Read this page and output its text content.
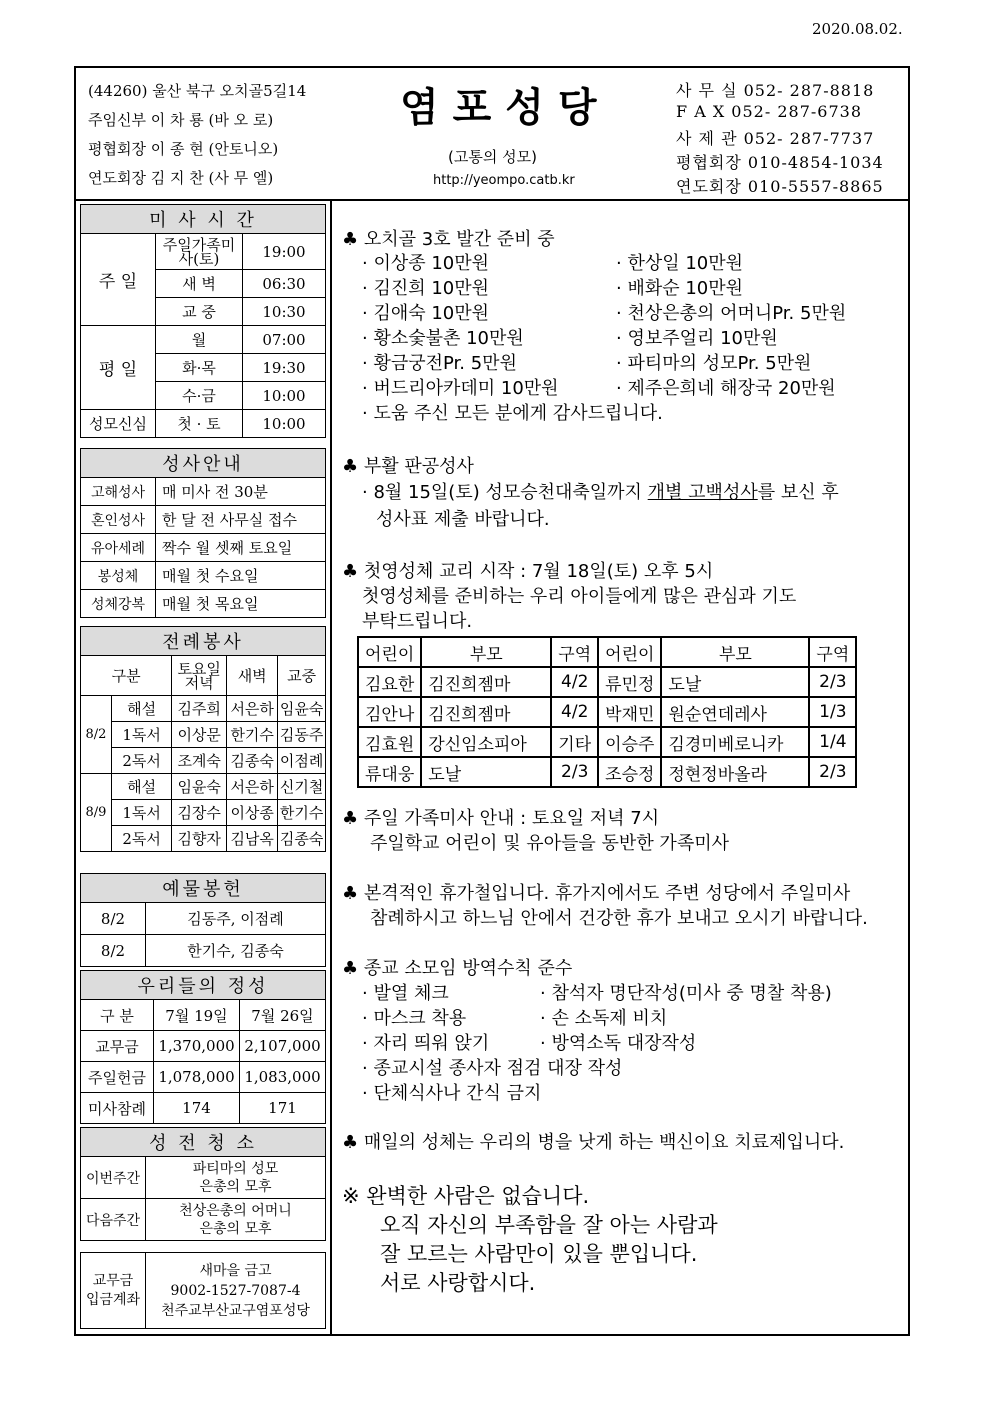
2020.08.02.
(44260) 울산 북구 오치골5길14
주임신부 이 차 룡 (바 오 로)
평협회장 이 종 현 (안토니오)
연도회장 김 지 찬 (사 무 엘)
염포성당
(고통의 성모)
http://yeompo.catb.kr
사 무 실 052- 287-8818
F A X 052- 287-6738
사 제 관 052- 287-7737
평협회장 010-4854-1034
연도회장 010-5557-8865
미 사 시 간		
주 일	주일가족미사(토)	19:00
	새 벽	06:30
	교 중	10:30
평 일	월	07:00
	화·목	19:30
	수·금	10:00
성모신심	첫 · 토	10:00
성사안내	
고해성사	매 미사 전 30분
혼인성사	한 달 전 사무실 접수
유아세례	짝수 월 셋째 토요일
봉성체	매월 첫 수요일
성체강복	매월 첫 목요일
전례봉사				
구분		토요일 저녁	새벽	교중
8/2	해설	김주희	서은하	임윤숙
	1독서	이상문	한기수	김동주
	2독서	조계숙	김종숙	이점례
8/9	해설	임윤숙	서은하	신기철
	1독서	김장수	이상종	한기수
	2독서	김향자	김남옥	김종숙
예물봉헌	
8/2	김동주, 이점례
8/2	한기수, 김종숙
우리들의 정성		
구 분	7월 19일	7월 26일
교무금	1,370,000	2,107,000
주일헌금	1,078,000	1,083,000
미사참례	174	171
성 전 청 소	
이번주간	파티마의 성모
은총의 모후

다음주간	천상은총의 어머니
은총의 모후
교무금
입금계좌

새마을 금고
9002-1527-7087-4
천주교부산교구염포성당
♣ 오치골 3호 발간 준비 중
· 이상종 10만원
· 김진희 10만원
· 김애숙 10만원
· 황소숯불촌 10만원
· 황금궁전Pr. 5만원
· 버드리아카데미 10만원
· 한상일 10만원
· 배화순 10만원
· 천상은총의 어머니Pr. 5만원
· 영보주얼리 10만원
· 파티마의 성모Pr. 5만원
· 제주은희네 해장국 20만원
· 도움 주신 모든 분에게 감사드립니다.
♣ 부활 판공성사
· 8월 15일(토) 성모승천대축일까지 개별 고백성사를 보신 후
성사표 제출 바랍니다.
♣ 첫영성체 교리 시작 : 7월 18일(토) 오후 5시
첫영성체를 준비하는 우리 아이들에게 많은 관심과 기도
부탁드립니다.
어린이	부모	구역	어린이	부모	구역
김요한	김진희젬마	4/2	류민정	도날	2/3
김안나	김진희젬마	4/2	박재민	원순연데레사	1/3
김효원	강신임소피아	기타	이승주	김경미베로니카	1/4
류대웅	도날	2/3	조승정	정현정바올라	2/3
♣ 주일 가족미사 안내 : 토요일 저녁 7시
주일학교 어린이 및 유아들을 동반한 가족미사
♣ 본격적인 휴가철입니다. 휴가지에서도 주변 성당에서 주일미사
참례하시고 하느님 안에서 건강한 휴가 보내고 오시기 바랍니다.
♣ 종교 소모임 방역수칙 준수
· 발열 체크
· 마스크 착용
· 자리 띄워 앉기
· 종교시설 종사자 점검 대장 작성
· 단체식사나 간식 금지
· 참석자 명단작성(미사 중 명찰 착용)
· 손 소독제 비치
· 방역소독 대장작성
♣ 매일의 성체는 우리의 병을 낫게 하는 백신이요 치료제입니다.
※ 완벽한 사람은 없습니다.
오직 자신의 부족함을 잘 아는 사람과
잘 모르는 사람만이 있을 뿐입니다.
서로 사랑합시다.
